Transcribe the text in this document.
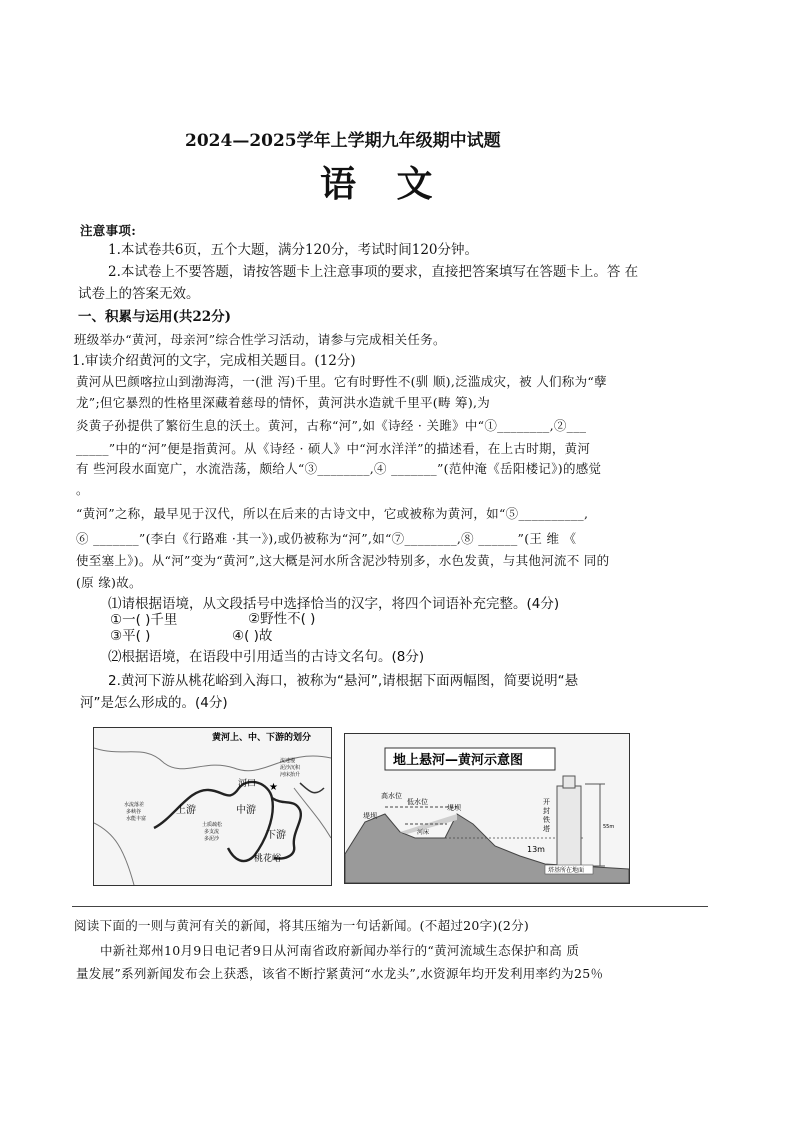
2024—2025学年上学期九年级期中试题
语 文
注意事项:
1.本试卷共6页，五个大题，满分120分，考试时间120分钟。
2.本试卷上不要答题，请按答题卡上注意事项的要求，直接把答案填写在答题卡上。答 在
试卷上的答案无效。
一、积累与运用(共22分)
班级举办“黄河，母亲河”综合性学习活动，请参与完成相关任务。
1.审读介绍黄河的文字，完成相关题目。(12分)
黄河从巴颜喀拉山到渤海湾，一(泄 泻)千里。它有时野性不(驯 顺),泛滥成灾，被 人们称为“孽
龙”;但它暴烈的性格里深藏着慈母的情怀，黄河洪水造就千里平(畴 筹),为
炎黄子孙提供了繁衍生息的沃土。黄河，古称“河”,如《诗经 · 关雎》中“①________,②___
_____”中的“河”便是指黄河。从《诗经 · 硕人》中“河水洋洋”的描述看，在上古时期，黄河
有 些河段水面宽广，水流浩荡，颇给人“③________,④ _______”(范仲淹《岳阳楼记》)的感觉
。
“黄河”之称，最早见于汉代，所以在后来的古诗文中，它或被称为黄河，如“⑤__________,
⑥ _______”(李白《行路难 ·其一》),或仍被称为“河”,如“⑦________,⑧ ______”(王 维 《
使至塞上》)。从“河”变为“黄河”,这大概是河水所含泥沙特别多，水色发黄，与其他河流不 同的
(原 缘)故。
⑴请根据语境，从文段括号中选择恰当的汉字，将四个词语补充完整。(4分)
①一( )千里	②野性不( )
③平( )	④( )故
⑵根据语境，在语段中引用适当的古诗文名句。(8分)
2.黄河下游从桃花峪到入海口，被称为“悬河”,请根据下面两幅图，简要说明“悬
河”是怎么形成的。(4分)
黄河上、中、下游的划分
上游	中游
下游
河口
桃花峪
★
水流落差
多峡谷
水能丰富
土质疏松
多支流
多泥沙
流速慢
泥沙沉积
河床抬升
地上悬河—黄河示意图
高水位
低水位
堤坝
堤坝
河床
开
封
铁
塔
13m
55m
塔基所在地面
阅读下面的一则与黄河有关的新闻，将其压缩为一句话新闻。(不超过20字)(2分)
中新社郑州10月9日电记者9日从河南省政府新闻办举行的“黄河流域生态保护和高 质
量发展”系列新闻发布会上获悉，该省不断拧紧黄河“水龙头”,水资源年均开发利用率约为25％
